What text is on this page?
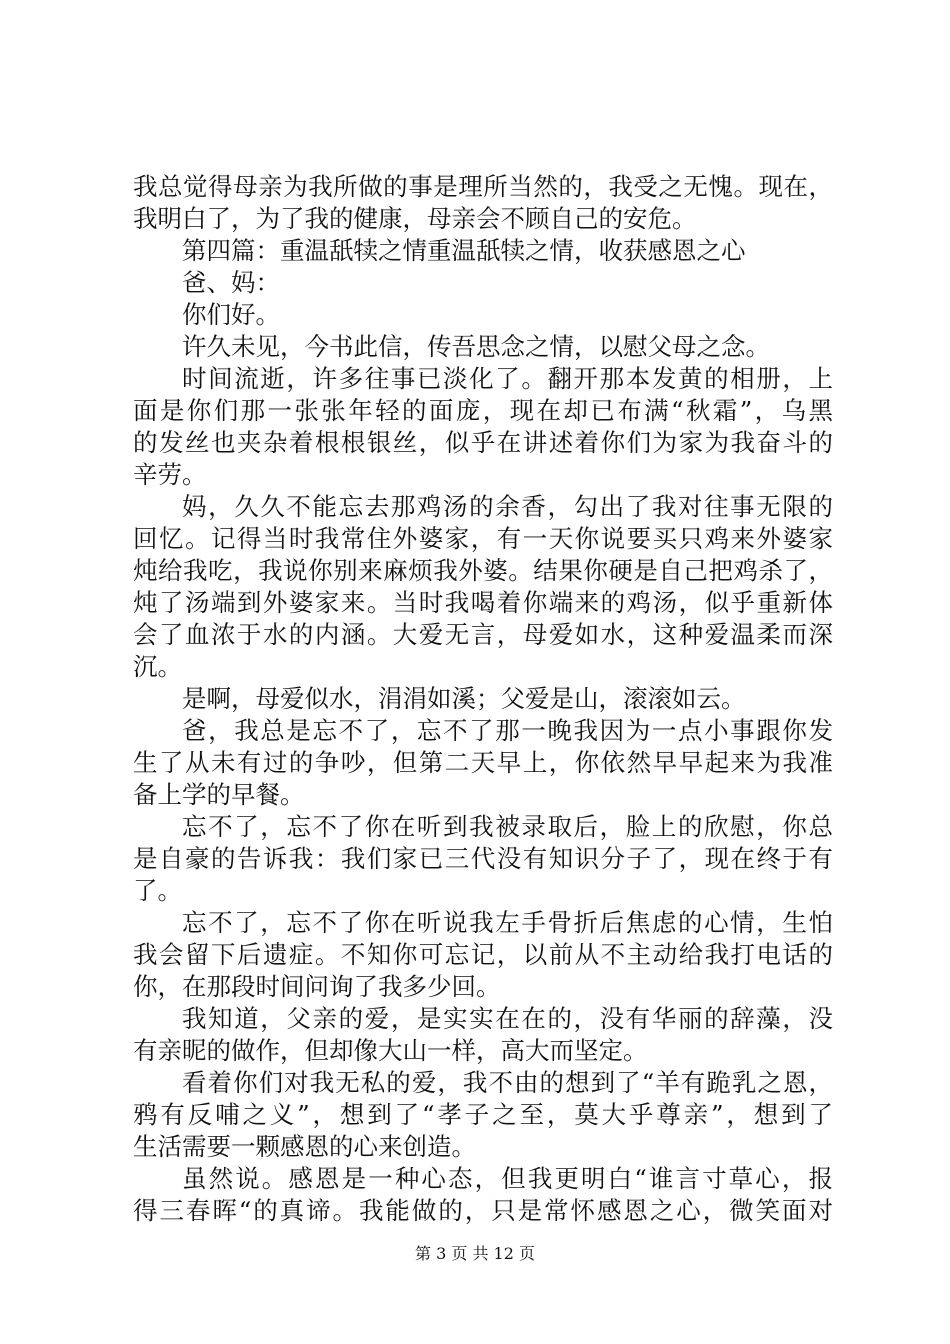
我总觉得母亲为我所做的事是理所当然的，我受之无愧。现在，
我明白了，为了我的健康，母亲会不顾自己的安危。
第四篇：重温舐犊之情重温舐犊之情，收获感恩之心
爸、妈：
你们好。
许久未见，今书此信，传吾思念之情，以慰父母之念。
时间流逝，许多往事已淡化了。翻开那本发黄的相册，上
面是你们那一张张年轻的面庞，现在却已布满“秋霜”，乌黑
的发丝也夹杂着根根银丝，似乎在讲述着你们为家为我奋斗的
辛劳。
妈，久久不能忘去那鸡汤的余香，勾出了我对往事无限的
回忆。记得当时我常住外婆家，有一天你说要买只鸡来外婆家
炖给我吃，我说你别来麻烦我外婆。结果你硬是自己把鸡杀了，
炖了汤端到外婆家来。当时我喝着你端来的鸡汤，似乎重新体
会了血浓于水的内涵。大爱无言，母爱如水，这种爱温柔而深
沉。
是啊，母爱似水，涓涓如溪；父爱是山，滚滚如云。
爸，我总是忘不了，忘不了那一晚我因为一点小事跟你发
生了从未有过的争吵，但第二天早上，你依然早早起来为我准
备上学的早餐。
忘不了，忘不了你在听到我被录取后，脸上的欣慰，你总
是自豪的告诉我：我们家已三代没有知识分子了，现在终于有
了。
忘不了，忘不了你在听说我左手骨折后焦虑的心情，生怕
我会留下后遗症。不知你可忘记，以前从不主动给我打电话的
你，在那段时间问询了我多少回。
我知道，父亲的爱，是实实在在的，没有华丽的辞藻，没
有亲昵的做作，但却像大山一样，高大而坚定。
看着你们对我无私的爱，我不由的想到了“羊有跪乳之恩，
鸦有反哺之义”，想到了“孝子之至，莫大乎尊亲”，想到了
生活需要一颗感恩的心来创造。
虽然说。感恩是一种心态，但我更明白“谁言寸草心，报
得三春晖“的真谛。我能做的，只是常怀感恩之心，微笑面对
第 3 页 共 12 页
